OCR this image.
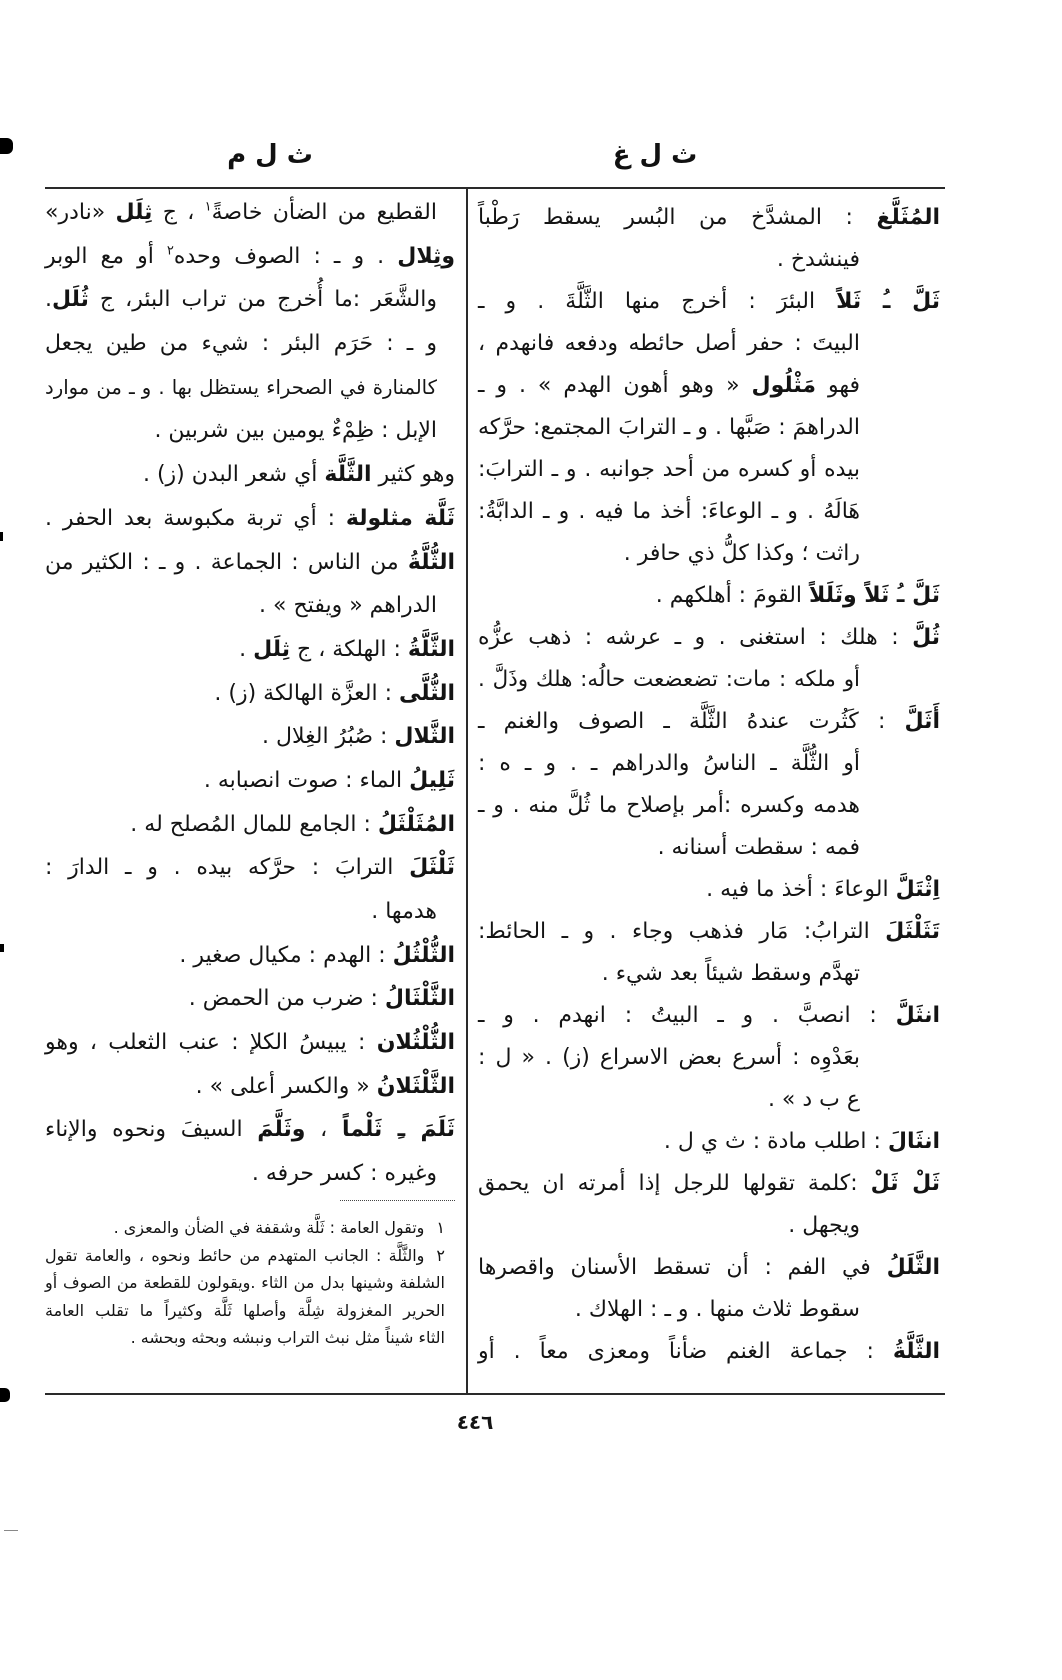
ث ل غ
ث ل م
المُثَلَّغ : المشدَّخ من البُسر يسقط رَطْباً
فينشدخ .
ثَلَّ ـُ ثَلاً البئرَ : أخرج منها الثَّلَّةَ . و ـ
البيتَ : حفر أصل حائطه ودفعه فانهدم ،
فهو مَثْلُول « وهو أهون الهدم » . و ـ
الدراهمَ : صَبَّها . و ـ الترابَ المجتمع: حرَّكه
بيده أو كسره من أحد جوانبه . و ـ الترابَ:
هَالَهُ . و ـ الوعاءَ: أخذ ما فيه . و ـ الدابَّةُ:
راثت ؛ وكذا كلُّ ذي حافر .
ثَلَّ ـُ ثَلاً وثَلَلاً القومَ : أهلكهم .
ثُلَّ : هلك : استغنى . و ـ عرشه : ذهب عزُّه
أو ملكه : مات: تضعضعت حالُه: هلك وذَلَّ .
أَثَلَّ : كَثُرت عندهُ الثَّلَّة ـ الصوف والغنم ـ
أو الثُّلَّة ـ الناسُ والدراهم ـ . و ـ ه :
هدمه وكسره :أمر بإصلاح ما ثُلَّ منه . و ـ
فمه : سقطت أسنانه .
اِثْتَلَّ الوعاءَ : أخذ ما فيه .
تَثَلْثَلَ الترابُ: مَار فذهب وجاء . و ـ الحائط:
تهدَّم وسقط شيئاً بعد شيء .
انثَلَّ : انصبَّ . و ـ البيتُ : انهدم . و ـ
بعَدْوِه : أسرع بعض الاسراع (ز) . « ل :
ع ب د » .
انثَالَ : اطلب مادة : ث ي ل .
ثَلْ ثَلْ :كلمة تقولها للرجل إذا أمرته ان يحمق
ويجهل .
الثَّلَلُ في الفم : أن تسقط الأسنان واقصرها
سقوط ثلاث منها . و ـ : الهلاك .
الثَّلَّةُ : جماعة الغنم ضأناً ومعزى معاً . أو
القطيع من الضأن خاصةً$^١$ ، ج ثِلَل «نادر»
وثِلال . و ـ : الصوف وحده$^٢$ أو مع الوبر
والشَّعَر :ما أُخرج من تراب البئر، ج ثُلَل.
و ـ : حَرَم البئر : شيء من طين يجعل
كالمنارة في الصحراء يستظل بها . و ـ من موارد
الإبل : ظِمْءٌ يومين بين شربين .
وهو كثير الثَّلَّة أي شعر البدن (ز) .
ثَلَّة مثلولة : أي تربة مكبوسة بعد الحفر .
الثُّلَّةُ من الناس : الجماعة . و ـ : الكثير من
الدراهم « ويفتح » .
الثَّلَّةُ : الهلكة ، ج ثِلَل .
الثُّلَّى : العزَّة الهالكة (ز) .
الثَّلال : صُبُرُ الغِلال .
ثَلِيلُ الماء : صوت انصبابه .
المُثَلْثَلُ : الجامع للمال المُصلح له .
ثَلْثَلَ الترابَ : حرَّكه بيده . و ـ الدارَ :
هدمها .
الثُّلْثُلُ : الهدم : مكيال صغير .
الثَّلْثَالُ : ضرب من الحمض .
الثُّلْثُلان : يبيسُ الكلإ : عنب الثعلب ، وهو
الثَّلْثَلانُ « والكسر أعلى » .
ثَلَمَ ـِ ثَلْماً ، وثَلَّمَ السيفَ ونحوه والإناء
وغيره : كسر حرفه .
١وتقول العامة : ثَلَّة وشقفة في الضأن والمعزى .
٢والثَّلَّة : الجانب المتهدم من حائط ونحوه ، والعامة تقول
الشلفة وشينها بدل من الثاء .ويقولون للقطعة من الصوف أو
الحرير المغزولة شِلَّة وأصلها ثَلَّة وكثيراً ما تقلب العامة
الثاء شيناً مثل نبث التراب ونبشه وبحثه وبحشه .
٤٤٦
